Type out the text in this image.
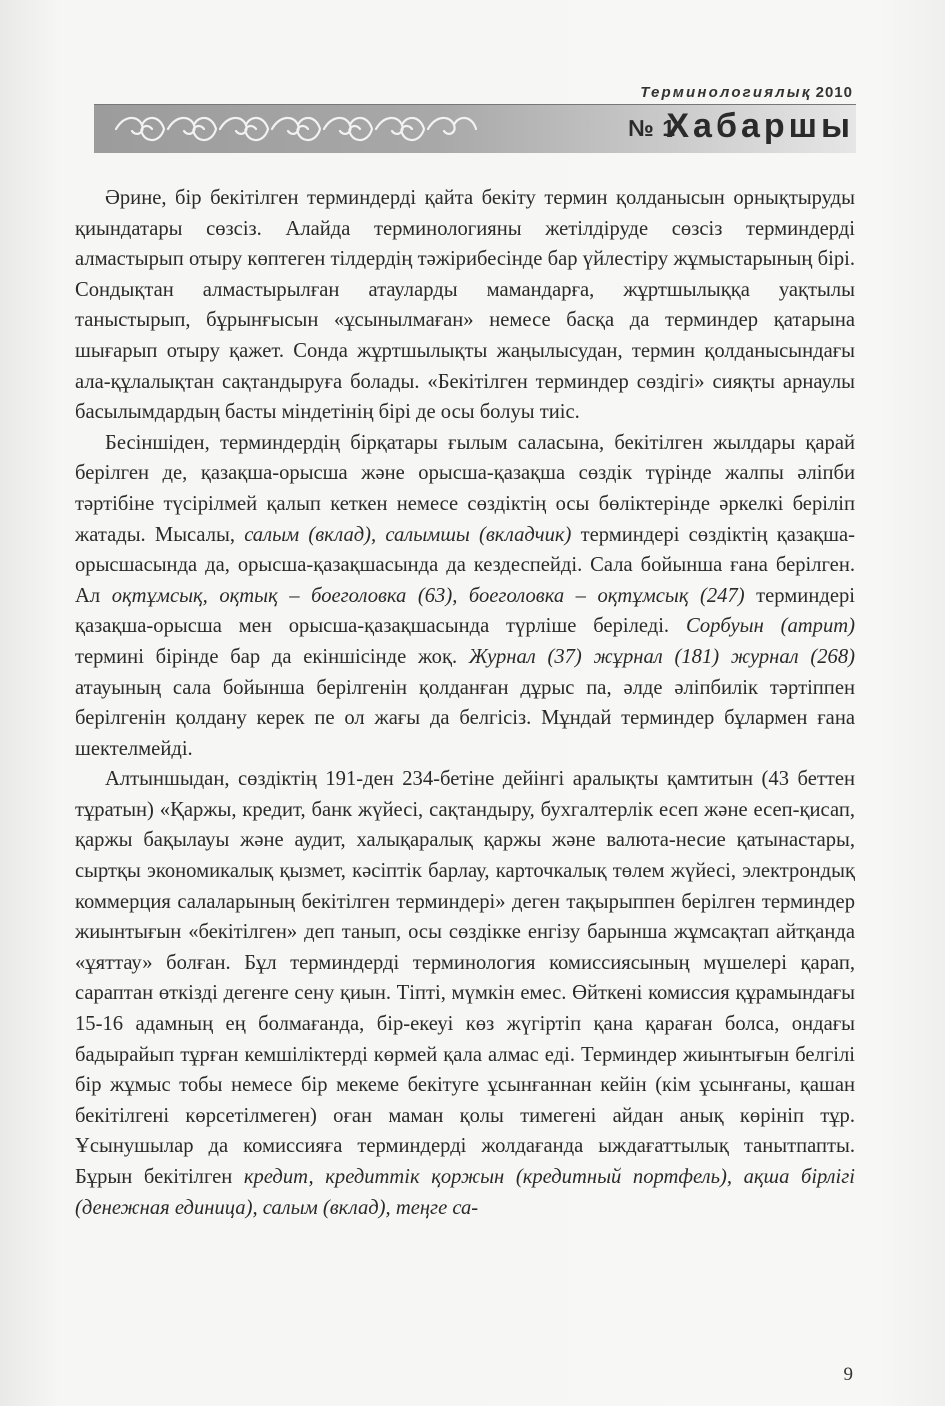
Терминологиялық 2010
№ 1
Хабаршы

Әрине, бір бекітілген терминдерді қайта бекіту термин қолданысын орнықтыруды қиындатары сөзсіз. Алайда терминологияны жетілдіруде сөзсіз терминдерді алмастырып отыру көптеген тілдердің тәжірибесінде бар үйлестіру жұмыстарының бірі. Сондықтан алмастырылған атауларды мамандарға, жұртшылыққа уақтылы таныстырып, бұрынғысын «ұсынылмаған» немесе басқа да терминдер қатарына шығарып отыру қажет. Сонда жұртшылықты жаңылысудан, термин қолданысындағы ала-құлалықтан сақтандыруға болады. «Бекітілген терминдер сөздігі» сияқты арнаулы басылымдардың басты міндетінің бірі де осы болуы тиіс.

Бесіншіден, терминдердің бірқатары ғылым саласына, бекітілген жылдары қарай берілген де, қазақша-орысша және орысша-қазақша сөздік түрінде жалпы әліпби тәртібіне түсірілмей қалып кеткен немесе сөздіктің осы бөліктерінде әркелкі беріліп жатады. Мысалы, салым (вклад), салымшы (вкладчик) терминдері сөздіктің қазақша-орысшасында да, орысша-қазақшасында да кездеспейді. Сала бойынша ғана берілген. Ал оқтұмсық, оқтық – боеголовка (63), боеголовка – оқтұмсық (247) терминдері қазақша-орысша мен орысша-қазақшасында түрліше беріледі. Сорбуын (атрит) термині бірінде бар да екіншісінде жоқ. Журнал (37) жұрнал (181) журнал (268) атауының сала бойынша берілгенін қолданған дұрыс па, әлде әліпбилік тәртіппен берілгенін қолдану керек пе ол жағы да белгісіз. Мұндай терминдер бұлармен ғана шектелмейді.

Алтыншыдан, сөздіктің 191-ден 234-бетіне дейінгі аралықты қамтитын (43 беттен тұратын) «Қаржы, кредит, банк жүйесі, сақтандыру, бухгалтерлік есеп және есеп-қисап, қаржы бақылауы және аудит, халықаралық қаржы және валюта-несие қатынастары, сыртқы экономикалық қызмет, кәсіптік барлау, карточкалық төлем жүйесі, электрондық коммерция салаларының бекітілген терминдері» деген тақырыппен берілген терминдер жиынтығын «бекітілген» деп танып, осы сөздікке енгізу барынша жұмсақтап айтқанда «ұяттау» болған. Бұл терминдерді терминология комиссиясының мүшелері қарап, сараптан өткізді дегенге сену қиын. Тіпті, мүмкін емес. Өйткені комиссия құрамындағы 15-16 адамның ең болмағанда, бір-екеуі көз жүгіртіп қана қараған болса, ондағы бадырайып тұрған кемшіліктерді көрмей қала алмас еді. Терминдер жиынтығын белгілі бір жұмыс тобы немесе бір мекеме бекітуге ұсынғаннан кейін (кім ұсынғаны, қашан бекітілгені көрсетілмеген) оған маман қолы тимегені айдан анық көрініп тұр. Ұсынушылар да комиссияға терминдерді жолдағанда ыждағаттылық танытпапты. Бұрын бекітілген кредит, кредиттік қоржын (кредитный портфель), ақша бірлігі (денежная единица), салым (вклад), теңге са-

9
